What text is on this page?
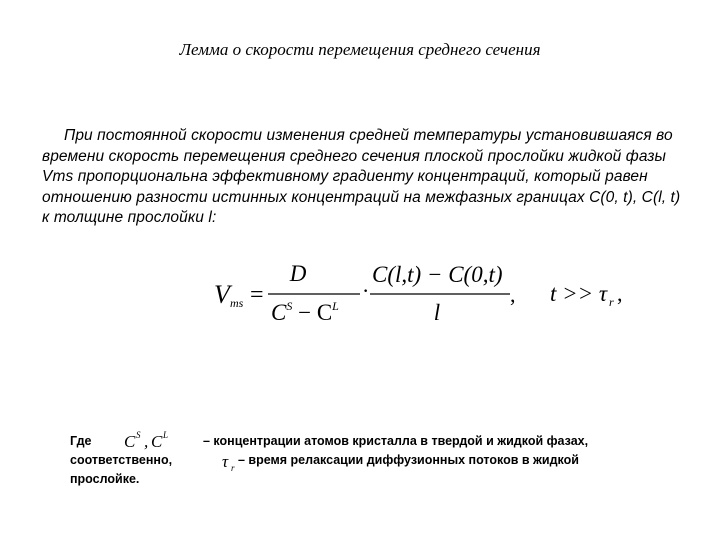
Лемма о скорости перемещения среднего сечения

При постоянной скорости изменения средней температуры установившаяся во времени скорость перемещения среднего сечения плоской прослойки жидкой фазы Vms пропорциональна эффективному градиенту концентраций, который равен отношению разности истинных концентраций на межфазных границах C(0, t), C(l, t) к толщине прослойки l:

V ms =
D
$C^S - C^L$
·
C(l,t) − C(0,t)
l
, t >> τ r ,
Где C S , C L	– концентрации атомов кристалла в твердой и жидкой фазах,
соответственно,	τ r
– время релаксации диффузионных потоков в жидкой
прослойке.
